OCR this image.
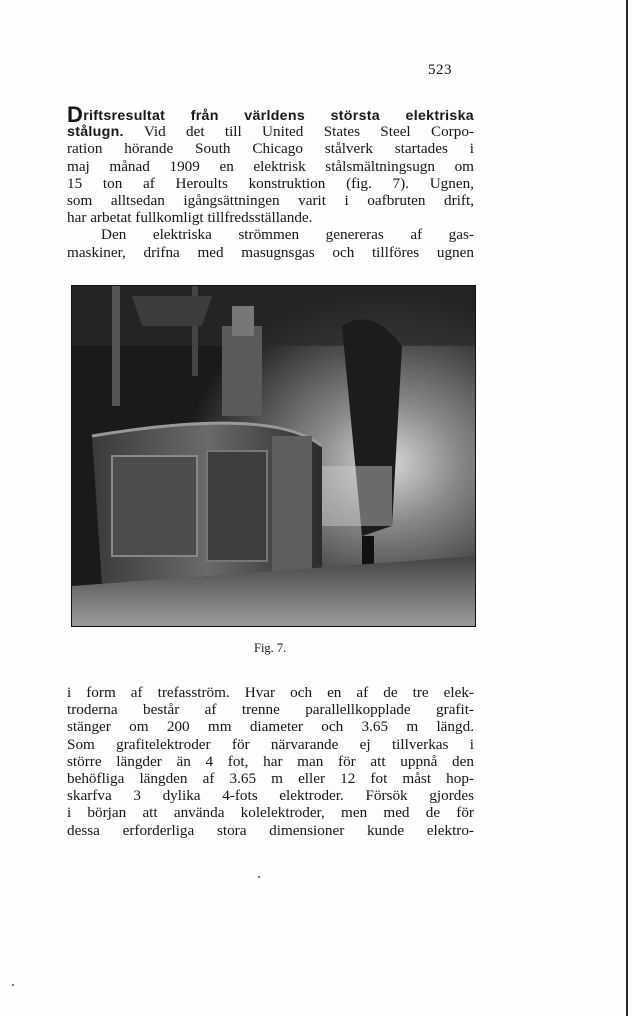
523
Driftsresultat från världens största elektriska
stålugn. Vid det till United States Steel Corpo-
ration hörande South Chicago stålverk startades i
maj månad 1909 en elektrisk stålsmältningsugn om
15 ton af Heroults konstruktion (fig. 7). Ugnen,
som alltsedan igångsättningen varit i oafbruten drift,
har arbetat fullkomligt tillfredsställande.
Den elektriska strömmen genereras af gas-
maskiner, drifna med masugnsgas och tillföres ugnen
Fig. 7.
i form af trefasström. Hvar och en af de tre elek-
troderna består af trenne parallellkopplade grafit-
stänger om 200 mm diameter och 3.65 m längd.
Som grafitelektroder för närvarande ej tillverkas i
större längder än 4 fot, har man för att uppnå den
behöfliga längden af 3.65 m eller 12 fot måst hop-
skarfva 3 dylika 4-fots elektroder. Försök gjordes
i början att använda kolelektroder, men med de för
dessa erforderliga stora dimensioner kunde elektro-
